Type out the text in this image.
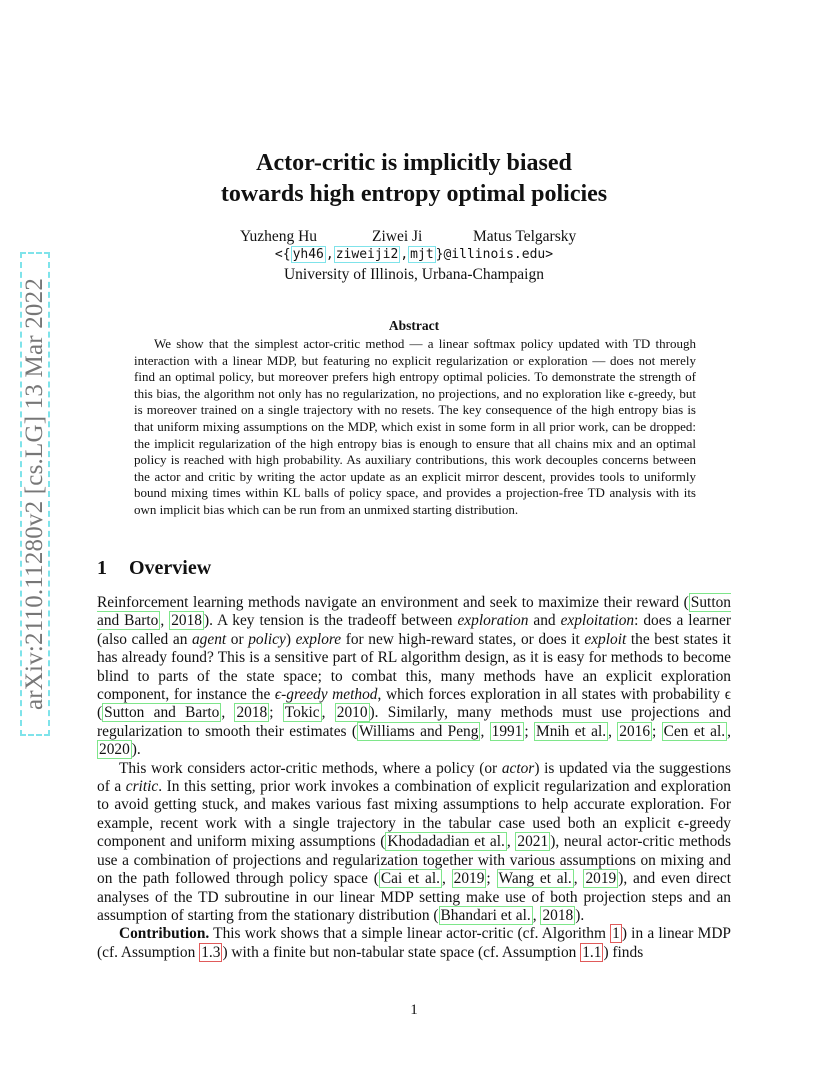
arXiv:2110.11280v2 [cs.LG] 13 Mar 2022
Actor-critic is implicitly biased
towards high entropy optimal policies
Yuzheng Hu	Ziwei Ji	Matus Telgarsky
<{ yh46 , ziweiji2 , mjt }@illinois.edu>
University of Illinois, Urbana-Champaign
Abstract

We show that the simplest actor-critic method — a linear softmax policy updated with TD through interaction with a linear MDP, but featuring no explicit regularization or exploration — does not merely find an optimal policy, but moreover prefers high entropy optimal policies. To demonstrate the strength of this bias, the algorithm not only has no regularization, no projections, and no exploration like ϵ-greedy, but is moreover trained on a single trajectory with no resets. The key consequence of the high entropy bias is that uniform mixing assumptions on the MDP, which exist in some form in all prior work, can be dropped: the implicit regularization of the high entropy bias is enough to ensure that all chains mix and an optimal policy is reached with high probability. As auxiliary contributions, this work decouples concerns between the actor and critic by writing the actor update as an explicit mirror descent, provides tools to uniformly bound mixing times within KL balls of policy space, and provides a projection-free TD analysis with its own implicit bias which can be run from an unmixed starting distribution.

1 Overview

Reinforcement learning methods navigate an environment and seek to maximize their reward ( Sutton and Barto , 2018 ). A key tension is the tradeoff between exploration and exploitation: does a learner (also called an agent or policy) explore for new high-reward states, or does it exploit the best states it has already found? This is a sensitive part of RL algorithm design, as it is easy for methods to become blind to parts of the state space; to combat this, many methods have an explicit exploration component, for instance the ϵ-greedy method, which forces exploration in all states with probability ϵ ( Sutton and Barto , 2018 ; Tokic , 2010 ). Similarly, many methods must use projections and regularization to smooth their estimates ( Williams and Peng , 1991 ; Mnih et al. , 2016 ; Cen et al. , 2020 ).

This work considers actor-critic methods, where a policy (or actor) is updated via the suggestions of a critic. In this setting, prior work invokes a combination of explicit regularization and exploration to avoid getting stuck, and makes various fast mixing assumptions to help accurate exploration. For example, recent work with a single trajectory in the tabular case used both an explicit ϵ-greedy component and uniform mixing assumptions ( Khodadadian et al. , 2021 ), neural actor-critic methods use a combination of projections and regularization together with various assumptions on mixing and on the path followed through policy space ( Cai et al. , 2019 ; Wang et al. , 2019 ), and even direct analyses of the TD subroutine in our linear MDP setting make use of both projection steps and an assumption of starting from the stationary distribution ( Bhandari et al. , 2018 ).

Contribution. This work shows that a simple linear actor-critic (cf. Algorithm 1 ) in a linear MDP (cf. Assumption 1.3 ) with a finite but non-tabular state space (cf. Assumption 1.1 ) finds

1
